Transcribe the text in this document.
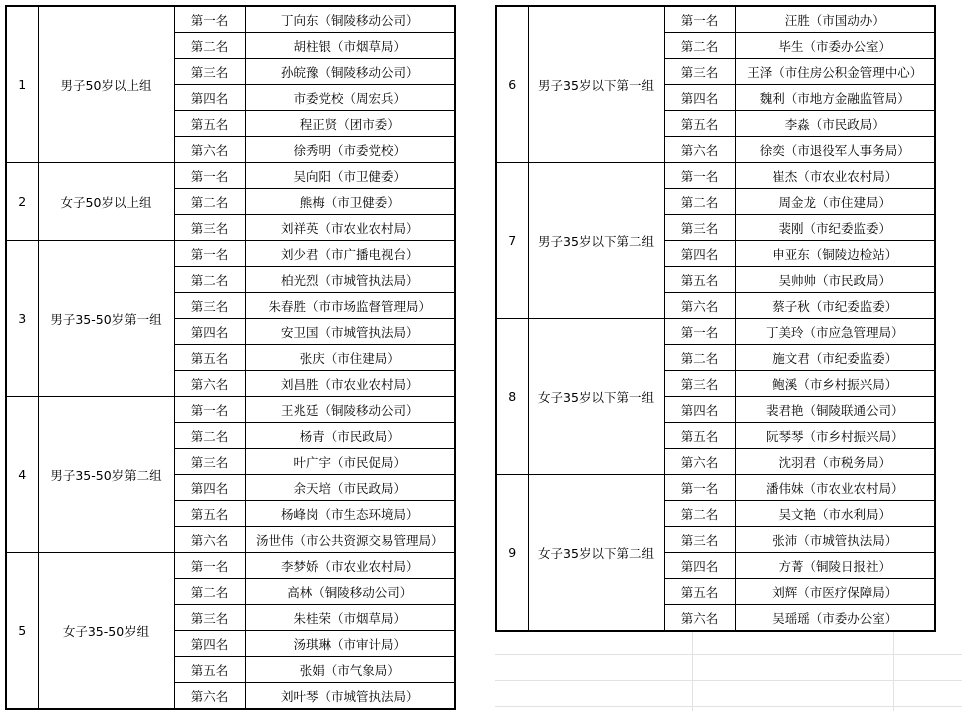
1	男子50岁以上组	第一名	丁向东（铜陵移动公司）
		第二名	胡柱银（市烟草局）
		第三名	孙皖豫（铜陵移动公司）
		第四名	市委党校（周宏兵）
		第五名	程正贤（团市委）
		第六名	徐秀明（市委党校）
2	女子50岁以上组	第一名	吴向阳（市卫健委）
		第二名	熊梅（市卫健委）
		第三名	刘祥英（市农业农村局）
3	男子35-50岁第一组	第一名	刘少君（市广播电视台）
		第二名	柏光烈（市城管执法局）
		第三名	朱春胜（市市场监督管理局）
		第四名	安卫国（市城管执法局）
		第五名	张庆（市住建局）
		第六名	刘昌胜（市农业农村局）
4	男子35-50岁第二组	第一名	王兆廷（铜陵移动公司）
		第二名	杨青（市民政局）
		第三名	叶广宇（市民促局）
		第四名	余天培（市民政局）
		第五名	杨峰岗（市生态环境局）
		第六名	汤世伟（市公共资源交易管理局）
5	女子35-50岁组	第一名	李梦娇（市农业农村局）
		第二名	高林（铜陵移动公司）
		第三名	朱桂荣（市烟草局）
		第四名	汤琪琳（市审计局）
		第五名	张娟（市气象局）
		第六名	刘叶琴（市城管执法局）
6	男子35岁以下第一组	第一名	汪胜（市国动办）
		第二名	毕生（市委办公室）
		第三名	王泽（市住房公积金管理中心）
		第四名	魏利（市地方金融监管局）
		第五名	李淼（市民政局）
		第六名	徐奕（市退役军人事务局）
7	男子35岁以下第二组	第一名	崔杰（市农业农村局）
		第二名	周金龙（市住建局）
		第三名	裴刚（市纪委监委）
		第四名	申亚东（铜陵边检站）
		第五名	吴帅帅（市民政局）
		第六名	蔡子秋（市纪委监委）
8	女子35岁以下第一组	第一名	丁美玲（市应急管理局）
		第二名	施文君（市纪委监委）
		第三名	鲍溪（市乡村振兴局）
		第四名	裴君艳（铜陵联通公司）
		第五名	阮琴琴（市乡村振兴局）
		第六名	沈羽君（市税务局）
9	女子35岁以下第二组	第一名	潘伟妹（市农业农村局）
		第二名	吴文艳（市水利局）
		第三名	张沛（市城管执法局）
		第四名	方菁（铜陵日报社）
		第五名	刘辉（市医疗保障局）
		第六名	吴瑶瑶（市委办公室）
